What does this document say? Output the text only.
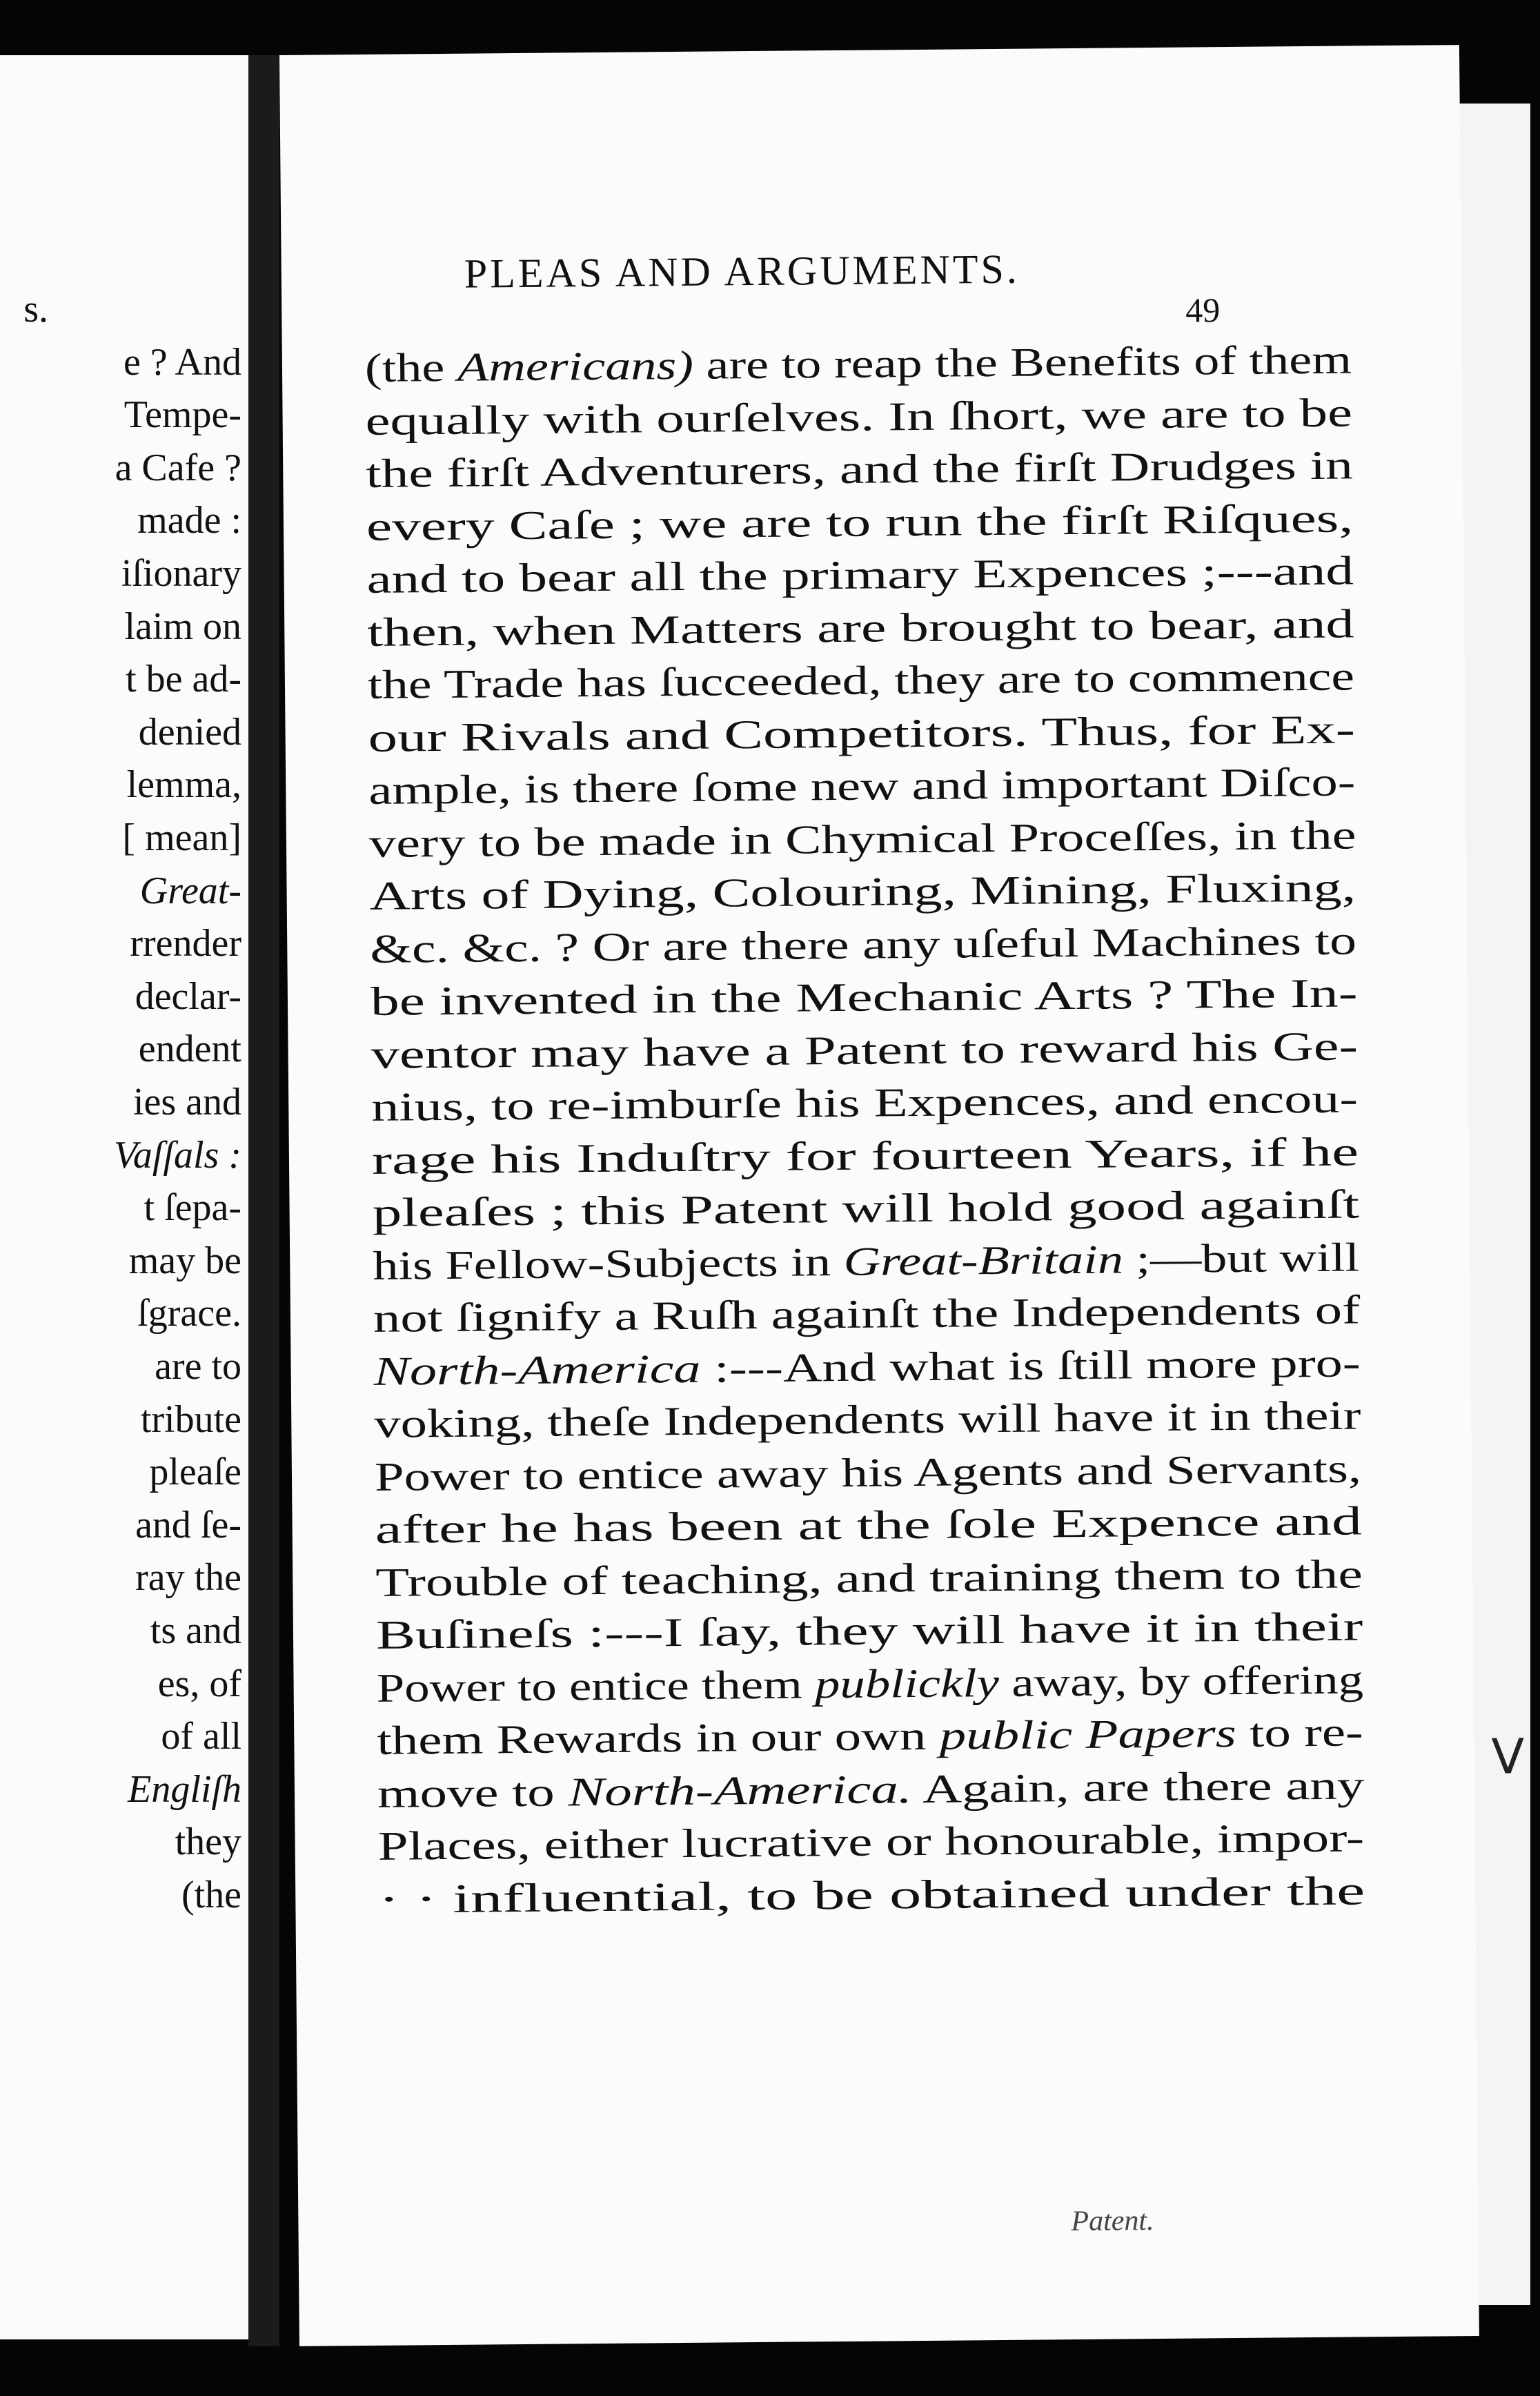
s.
e ? And
Tempe-
a Cafe ?
made :
iſionary
laim on
t be ad-
denied
lemma,
[ mean]
Great-
rrender
declar-
endent
ies and
Vaſſals :
t ſepa-
may be
ſgrace.
are to
tribute
pleaſe
and ſe-
ray the
ts and
es, of
of all
Engliſh
they
(the
PLEAS AND ARGUMENTS.
49
(the Americans) are to reap the Benefits of them
equally with ourſelves. In ſhort, we are to be
the firſt Adventurers, and the firſt Drudges in
every Caſe ; we are to run the firſt Riſques,
and to bear all the primary Expences ;---and
then, when Matters are brought to bear, and
the Trade has ſucceeded, they are to commence
our Rivals and Competitors. Thus, for Ex-
ample, is there ſome new and important Diſco-
very to be made in Chymical Proceſſes, in the
Arts of Dying, Colouring, Mining, Fluxing,
&c. &c. ? Or are there any uſeful Machines to
be invented in the Mechanic Arts ? The In-
ventor may have a Patent to reward his Ge-
nius, to re-imburſe his Expences, and encou-
rage his Induſtry for fourteen Years, if he
pleaſes ; this Patent will hold good againſt
his Fellow-Subjects in Great-Britain ;—but will
not ſignify a Ruſh againſt the Independents of
North-America :---And what is ſtill more pro-
voking, theſe Independents will have it in their
Power to entice away his Agents and Servants,
after he has been at the ſole Expence and
Trouble of teaching, and training them to the
Buſineſs :---I ſay, they will have it in their
Power to entice them publickly away, by offering
them Rewards in our own public Papers to re-
move to North-America. Again, are there any
Places, either lucrative or honourable, impor-
· · influential, to be obtained under the
Patent.
V
